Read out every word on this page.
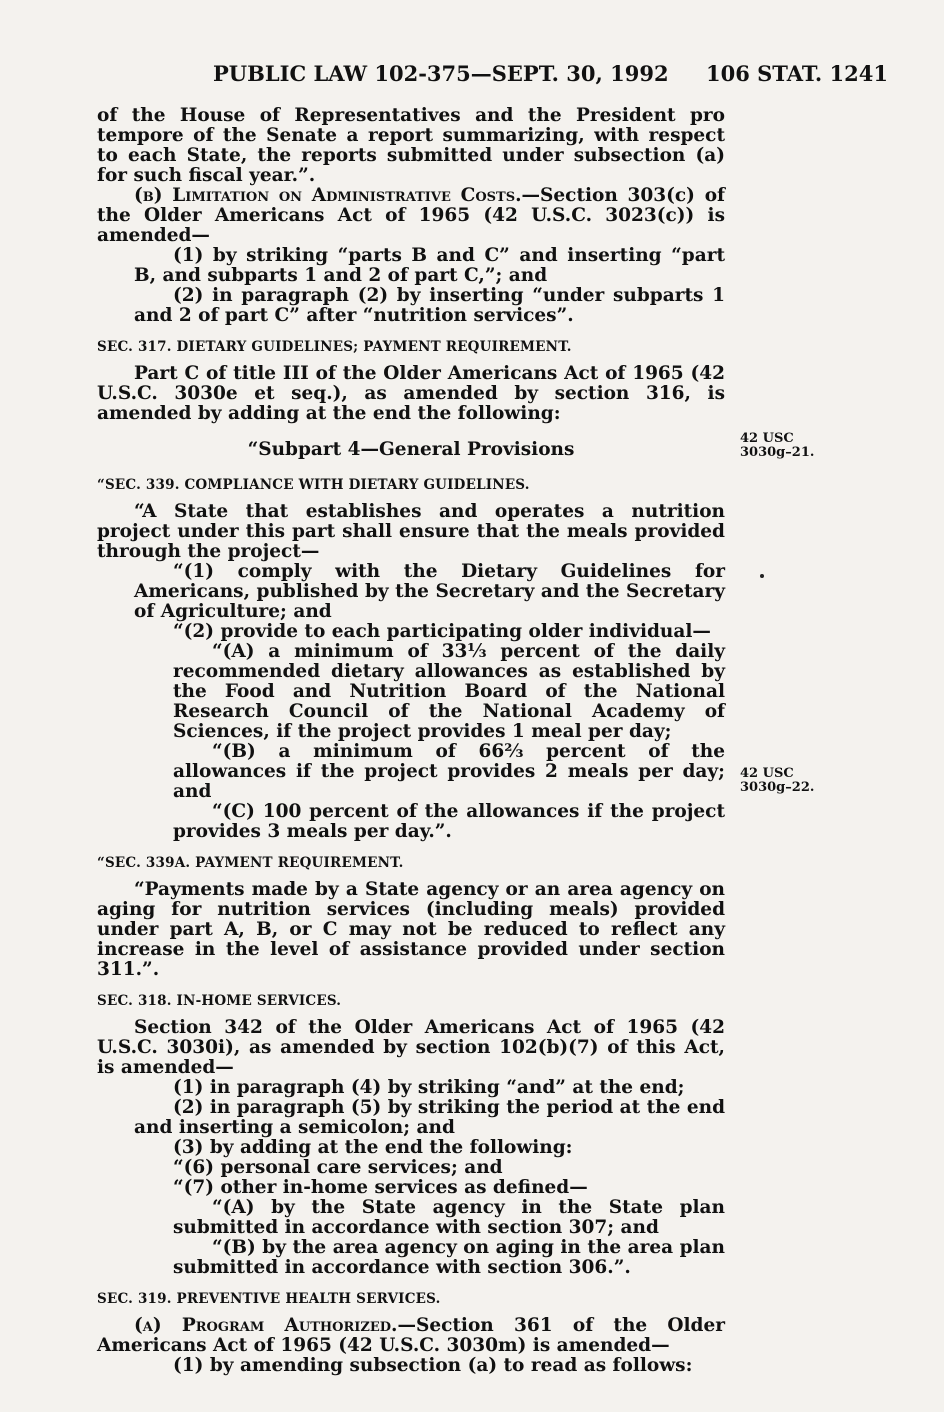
PUBLIC LAW 102-375—SEPT. 30, 1992 106 STAT. 1241

of the House of Representatives and the President pro tempore of the Senate a report summarizing, with respect to each State, the reports submitted under subsection (a) for such fiscal year.”.

(b) Limitation on Administrative Costs.—Section 303(c) of the Older Americans Act of 1965 (42 U.S.C. 3023(c)) is amended—

(1) by striking “parts B and C” and inserting “part B, and subparts 1 and 2 of part C,”; and

(2) in paragraph (2) by inserting “under subparts 1 and 2 of part C” after “nutrition services”.

SEC. 317. DIETARY GUIDELINES; PAYMENT REQUIREMENT.

Part C of title III of the Older Americans Act of 1965 (42 U.S.C. 3030e et seq.), as amended by section 316, is amended by adding at the end the following:

“Subpart 4—General Provisions

“SEC. 339. COMPLIANCE WITH DIETARY GUIDELINES.

“A State that establishes and operates a nutrition project under this part shall ensure that the meals provided through the project—

“(1) comply with the Dietary Guidelines for Americans, published by the Secretary and the Secretary of Agriculture; and

“(2) provide to each participating older individual—

“(A) a minimum of 33⅓ percent of the daily recommended dietary allowances as established by the Food and Nutrition Board of the National Research Council of the National Academy of Sciences, if the project provides 1 meal per day;

“(B) a minimum of 66⅔ percent of the allowances if the project provides 2 meals per day; and

“(C) 100 percent of the allowances if the project provides 3 meals per day.”.

“SEC. 339A. PAYMENT REQUIREMENT.

“Payments made by a State agency or an area agency on aging for nutrition services (including meals) provided under part A, B, or C may not be reduced to reflect any increase in the level of assistance provided under section 311.”.

SEC. 318. IN-HOME SERVICES.

Section 342 of the Older Americans Act of 1965 (42 U.S.C. 3030i), as amended by section 102(b)(7) of this Act, is amended—

(1) in paragraph (4) by striking “and” at the end;

(2) in paragraph (5) by striking the period at the end and inserting a semicolon; and

(3) by adding at the end the following:

“(6) personal care services; and

“(7) other in-home services as defined—

“(A) by the State agency in the State plan submitted in accordance with section 307; and

“(B) by the area agency on aging in the area plan submitted in accordance with section 306.”.

SEC. 319. PREVENTIVE HEALTH SERVICES.

(a) Program Authorized.—Section 361 of the Older Americans Act of 1965 (42 U.S.C. 3030m) is amended—

(1) by amending subsection (a) to read as follows:

42 USC 3030g–21.
42 USC 3030g–22.
